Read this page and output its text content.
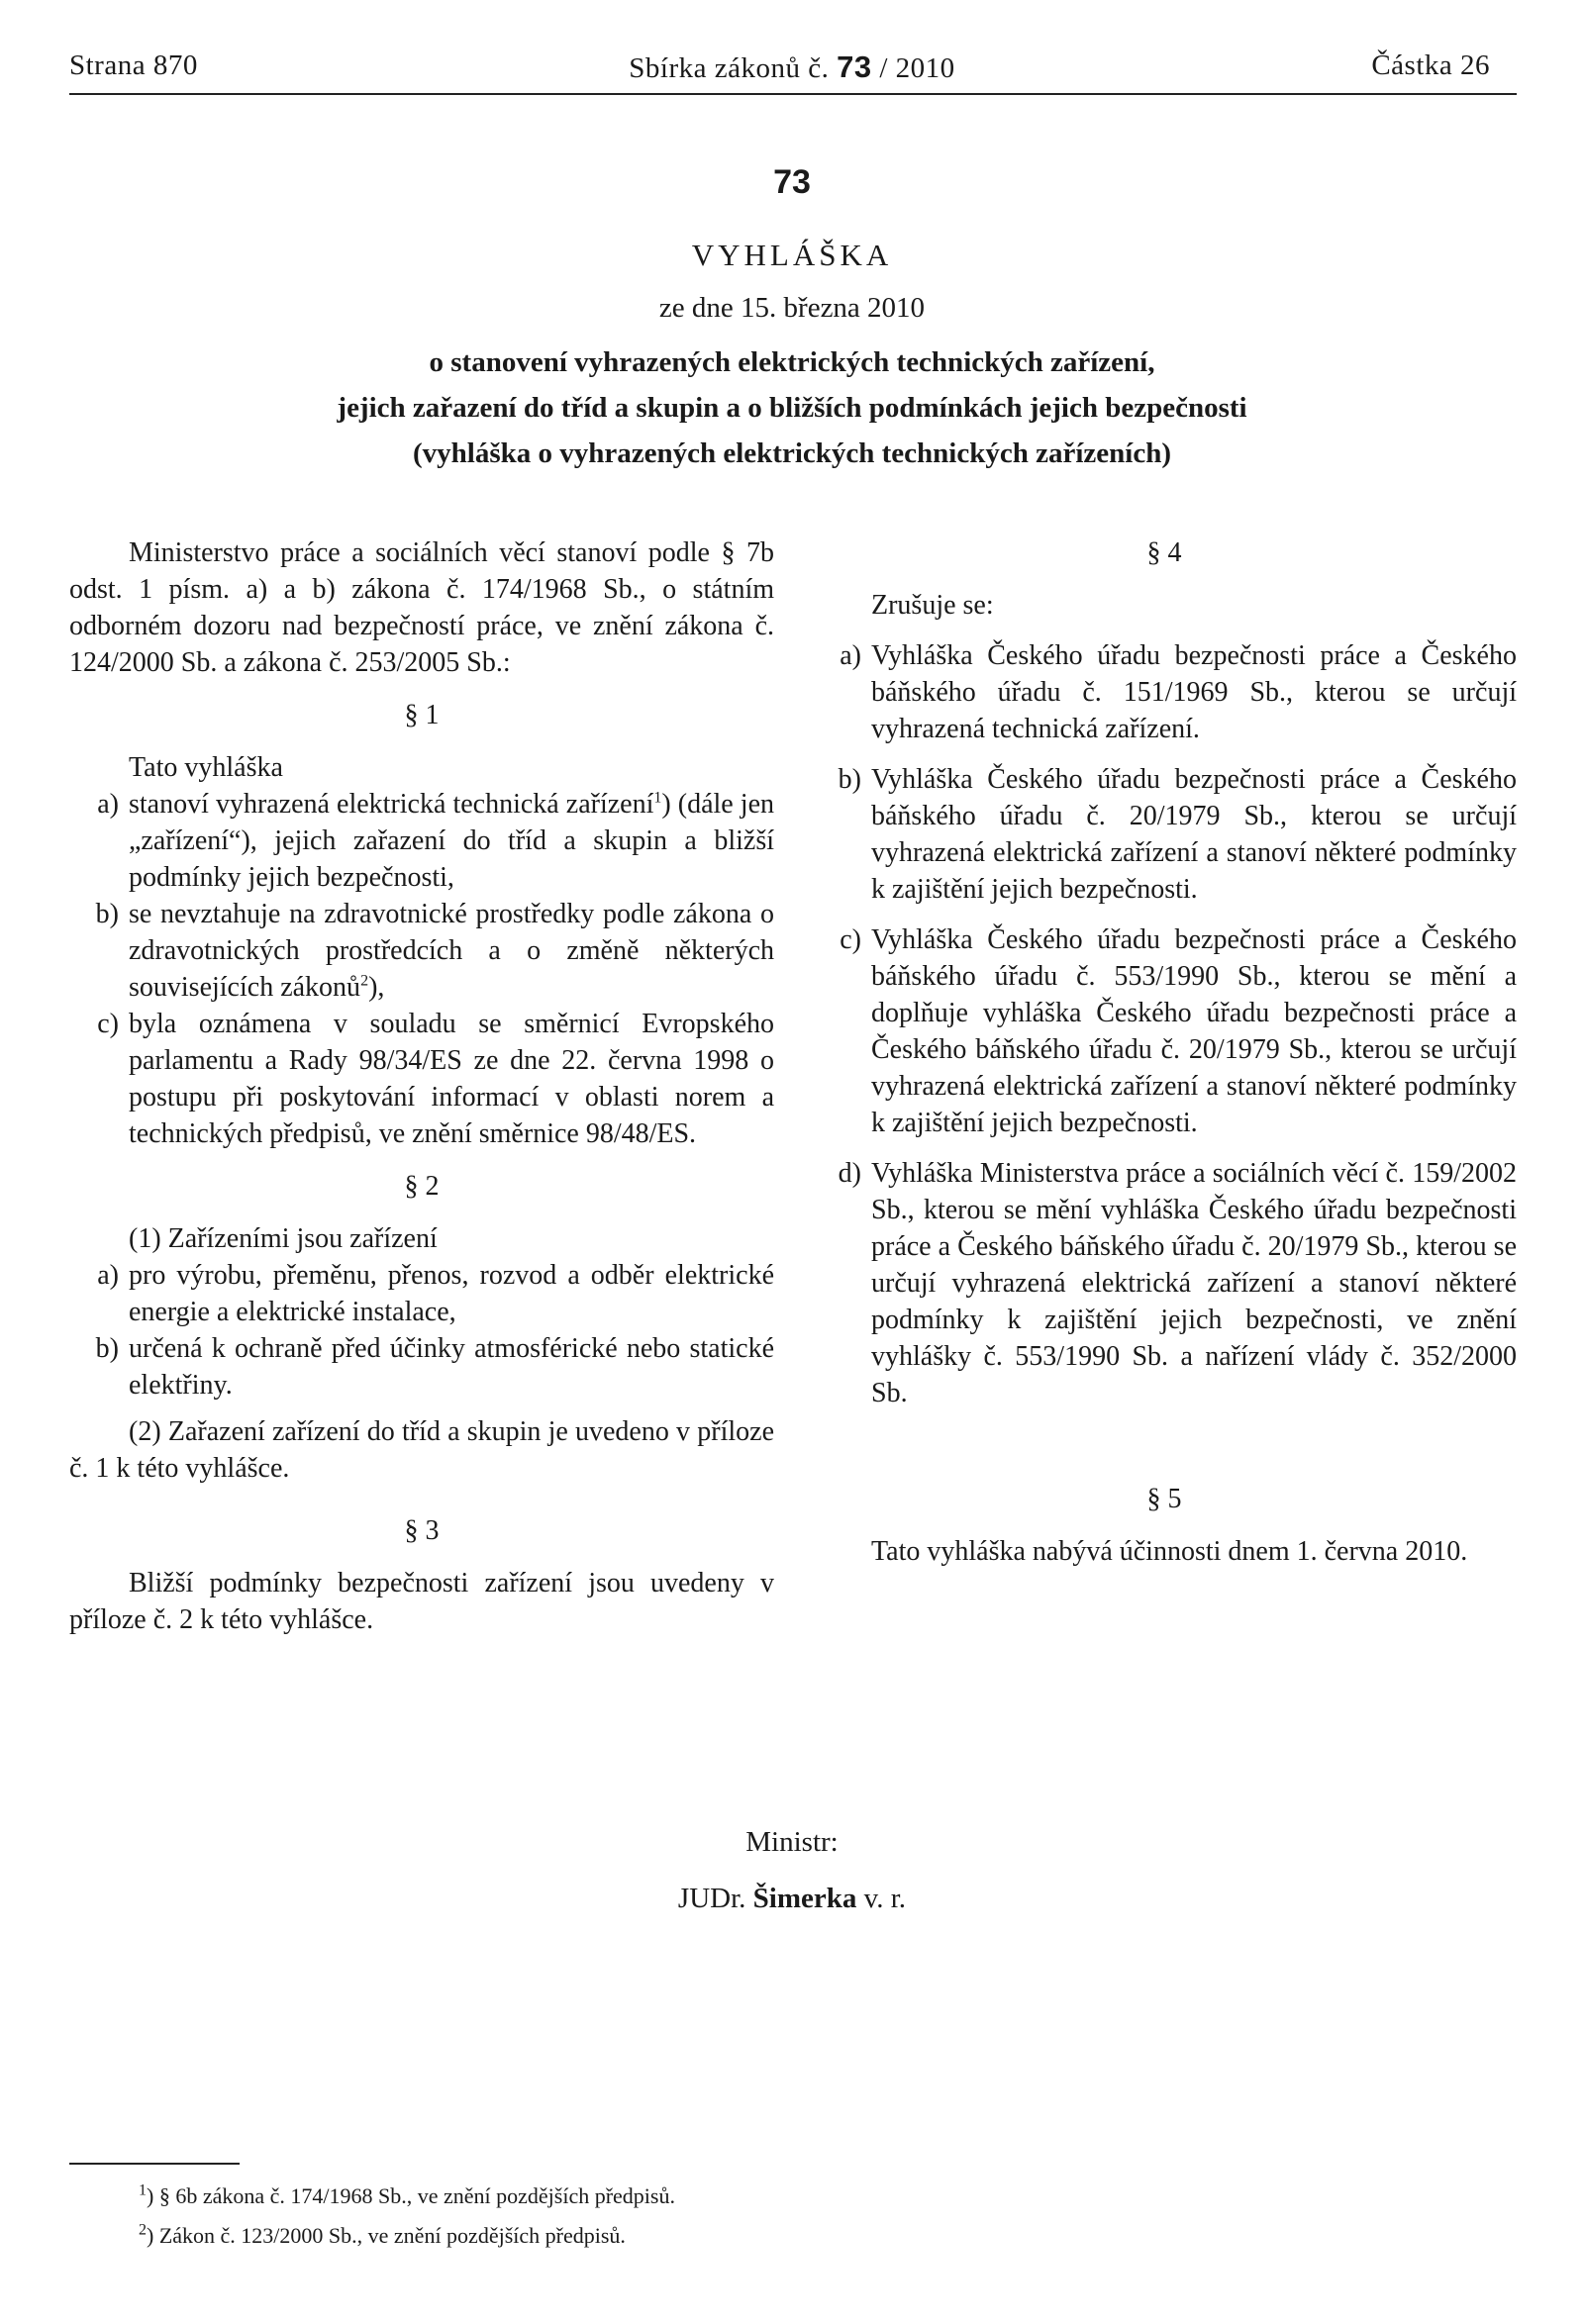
Strana 870	Sbírka zákonů č. 73 / 2010	Částka 26
73
VYHLÁŠKA
ze dne 15. března 2010
o stanovení vyhrazených elektrických technických zařízení,
jejich zařazení do tříd a skupin a o bližších podmínkách jejich bezpečnosti
(vyhláška o vyhrazených elektrických technických zařízeních)

Ministerstvo práce a sociálních věcí stanoví podle § 7b odst. 1 písm. a) a b) zákona č. 174/1968 Sb., o státním odborném dozoru nad bezpečností práce, ve znění zákona č. 124/2000 Sb. a zákona č. 253/2005 Sb.:

§ 1

Tato vyhláška

a) stanoví vyhrazená elektrická technická zařízení$^1$) (dále jen „zařízení“), jejich zařazení do tříd a skupin a bližší podmínky jejich bezpečnosti,
b) se nevztahuje na zdravotnické prostředky podle zákona o zdravotnických prostředcích a o změně některých souvisejících zákonů$^2$),
c) byla oznámena v souladu se směrnicí Evropského parlamentu a Rady 98/34/ES ze dne 22. června 1998 o postupu při poskytování informací v oblasti norem a technických předpisů, ve znění směrnice 98/48/ES.

§ 2

(1) Zařízeními jsou zařízení

a) pro výrobu, přeměnu, přenos, rozvod a odběr elektrické energie a elektrické instalace,
b) určená k ochraně před účinky atmosférické nebo statické elektřiny.

(2) Zařazení zařízení do tříd a skupin je uvedeno v příloze č. 1 k této vyhlášce.

§ 3

Bližší podmínky bezpečnosti zařízení jsou uvedeny v příloze č. 2 k této vyhlášce.

§ 4

Zrušuje se:

a) Vyhláška Českého úřadu bezpečnosti práce a Českého báňského úřadu č. 151/1969 Sb., kterou se určují vyhrazená technická zařízení.
b) Vyhláška Českého úřadu bezpečnosti práce a Českého báňského úřadu č. 20/1979 Sb., kterou se určují vyhrazená elektrická zařízení a stanoví některé podmínky k zajištění jejich bezpečnosti.
c) Vyhláška Českého úřadu bezpečnosti práce a Českého báňského úřadu č. 553/1990 Sb., kterou se mění a doplňuje vyhláška Českého úřadu bezpečnosti práce a Českého báňského úřadu č. 20/1979 Sb., kterou se určují vyhrazená elektrická zařízení a stanoví některé podmínky k zajištění jejich bezpečnosti.
d) Vyhláška Ministerstva práce a sociálních věcí č. 159/2002 Sb., kterou se mění vyhláška Českého úřadu bezpečnosti práce a Českého báňského úřadu č. 20/1979 Sb., kterou se určují vyhrazená elektrická zařízení a stanoví některé podmínky k zajištění jejich bezpečnosti, ve znění vyhlášky č. 553/1990 Sb. a nařízení vlády č. 352/2000 Sb.

§ 5

Tato vyhláška nabývá účinnosti dnem 1. června 2010.

Ministr:
JUDr. Šimerka v. r.
$^1$) § 6b zákona č. 174/1968 Sb., ve znění pozdějších předpisů.
$^2$) Zákon č. 123/2000 Sb., ve znění pozdějších předpisů.
